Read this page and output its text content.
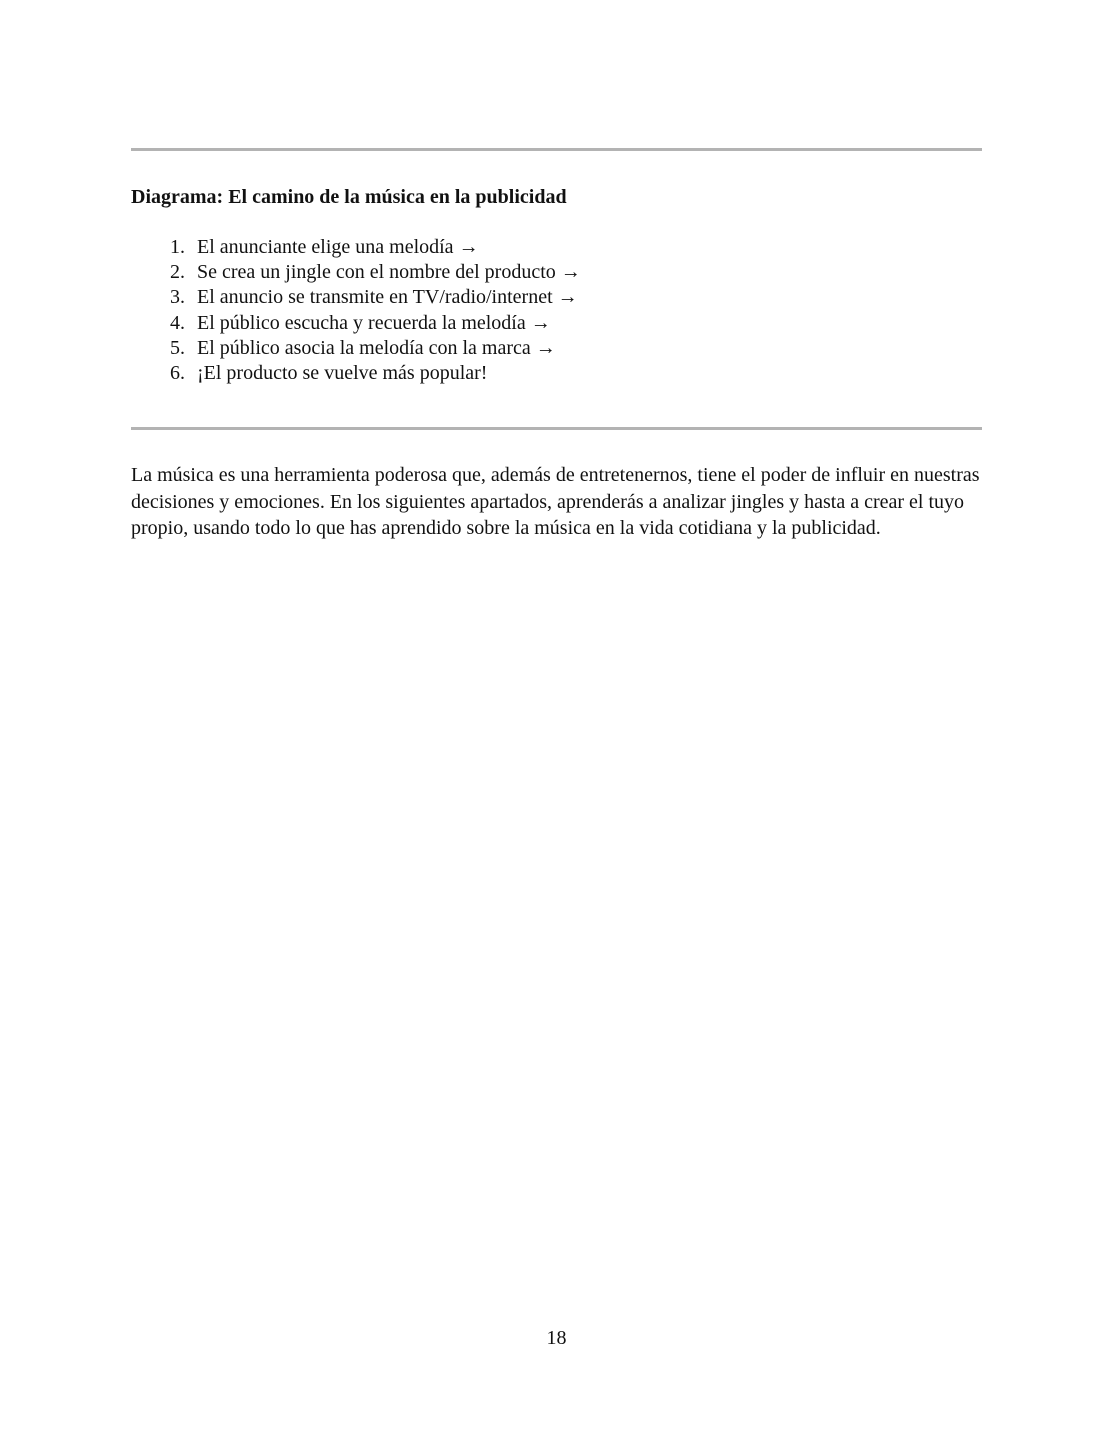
Diagrama: El camino de la música en la publicidad
1. El anunciante elige una melodía →
2. Se crea un jingle con el nombre del producto →
3. El anuncio se transmite en TV/radio/internet →
4. El público escucha y recuerda la melodía →
5. El público asocia la melodía con la marca →
6. ¡El producto se vuelve más popular!

La música es una herramienta poderosa que, además de entretenernos, tiene el poder de influir en nuestras decisiones y emociones. En los siguientes apartados, aprenderás a analizar jingles y hasta a crear el tuyo propio, usando todo lo que has aprendido sobre la música en la vida cotidiana y la publicidad.

18
